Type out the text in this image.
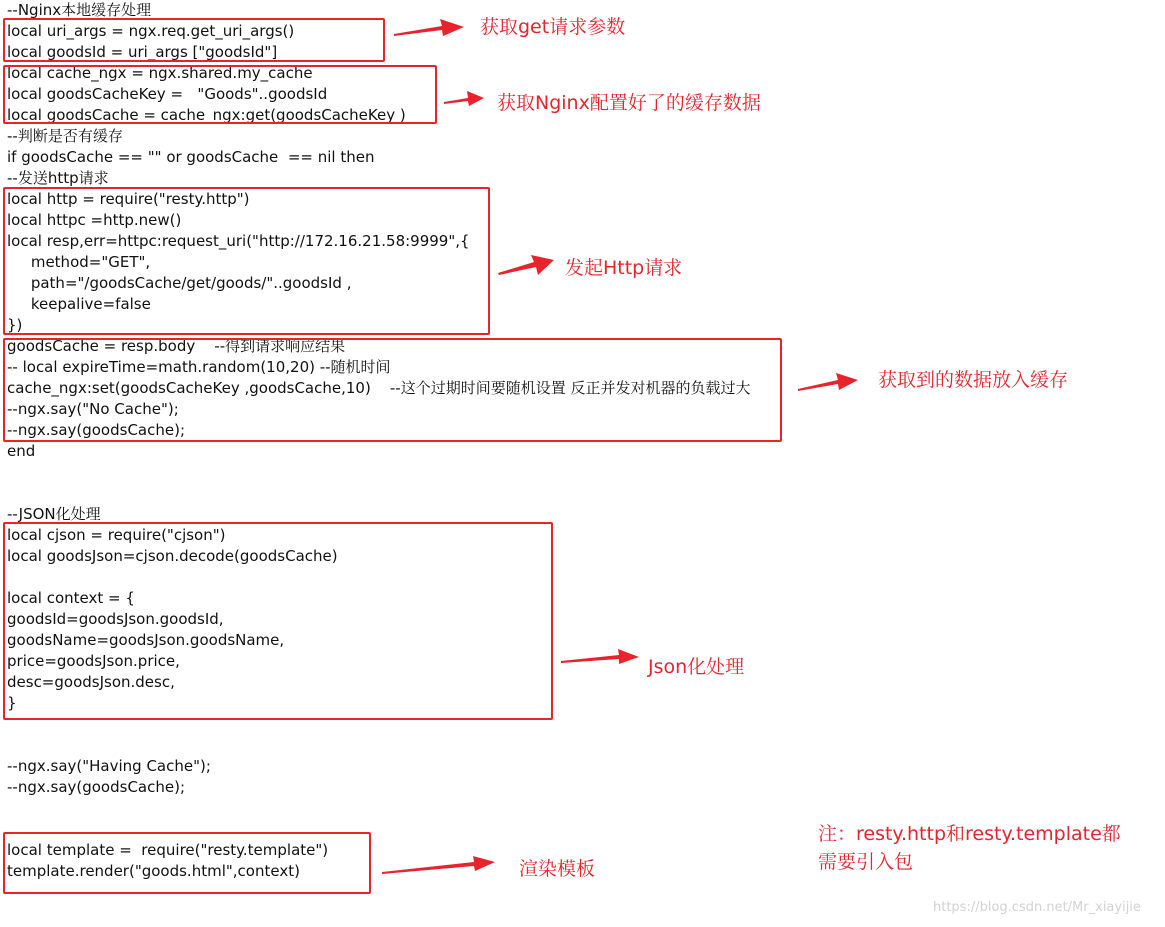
--Nginx本地缓存处理
local uri_args = ngx.req.get_uri_args()
local goodsId = uri_args ["goodsId"]
local cache_ngx = ngx.shared.my_cache
local goodsCacheKey =   "Goods"..goodsId
local goodsCache = cache_ngx:get(goodsCacheKey )
--判断是否有缓存
if goodsCache == "" or goodsCache  == nil then
--发送http请求
local http = require("resty.http")
local httpc =http.new()
local resp,err=httpc:request_uri("http://172.16.21.58:9999",{
method="GET",
path="/goodsCache/get/goods/"..goodsId ,
keepalive=false
})
goodsCache = resp.body    --得到请求响应结果
-- local expireTime=math.random(10,20) --随机时间
cache_ngx:set(goodsCacheKey ,goodsCache,10)    --这个过期时间要随机设置 反正并发对机器的负载过大
--ngx.say("No Cache");
--ngx.say(goodsCache);
end
--JSON化处理
local cjson = require("cjson")
local goodsJson=cjson.decode(goodsCache)
local context = {
goodsId=goodsJson.goodsId,
goodsName=goodsJson.goodsName,
price=goodsJson.price,
desc=goodsJson.desc,
}
--ngx.say("Having Cache");
--ngx.say(goodsCache);
local template =  require("resty.template")
template.render("goods.html",context)
获取get请求参数
获取Nginx配置好了的缓存数据
发起Http请求
获取到的数据放入缓存
Json化处理
渲染模板
注：resty.http和resty.template都
需要引入包
https://blog.csdn.net/Mr_xiayijie
